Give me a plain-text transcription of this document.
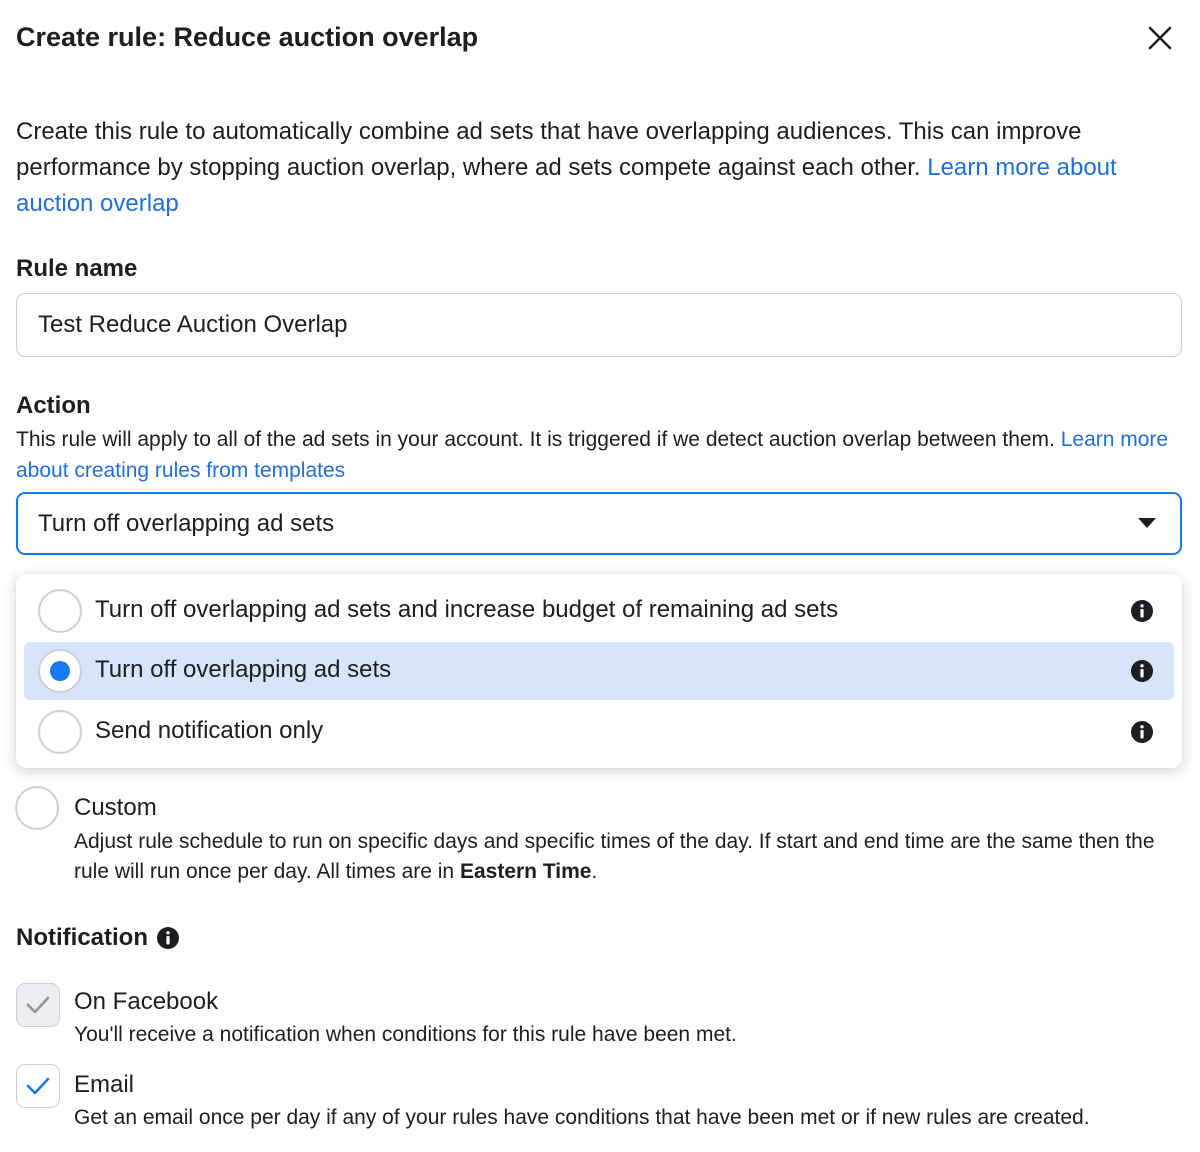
Create rule: Reduce auction overlap
Create this rule to automatically combine ad sets that have overlapping audiences. This can improve performance by stopping auction overlap, where ad sets compete against each other. Learn more about auction overlap
Rule name
Test Reduce Auction Overlap
Action
This rule will apply to all of the ad sets in your account. It is triggered if we detect auction overlap between them. Learn more about creating rules from templates
Turn off overlapping ad sets
Turn off overlapping ad sets and increase budget of remaining ad sets
Turn off overlapping ad sets
Send notification only
Custom
Adjust rule schedule to run on specific days and specific times of the day. If start and end time are the same then the rule will run once per day. All times are in Eastern Time.
Notification
On Facebook
You'll receive a notification when conditions for this rule have been met.
Email
Get an email once per day if any of your rules have conditions that have been met or if new rules are created.
